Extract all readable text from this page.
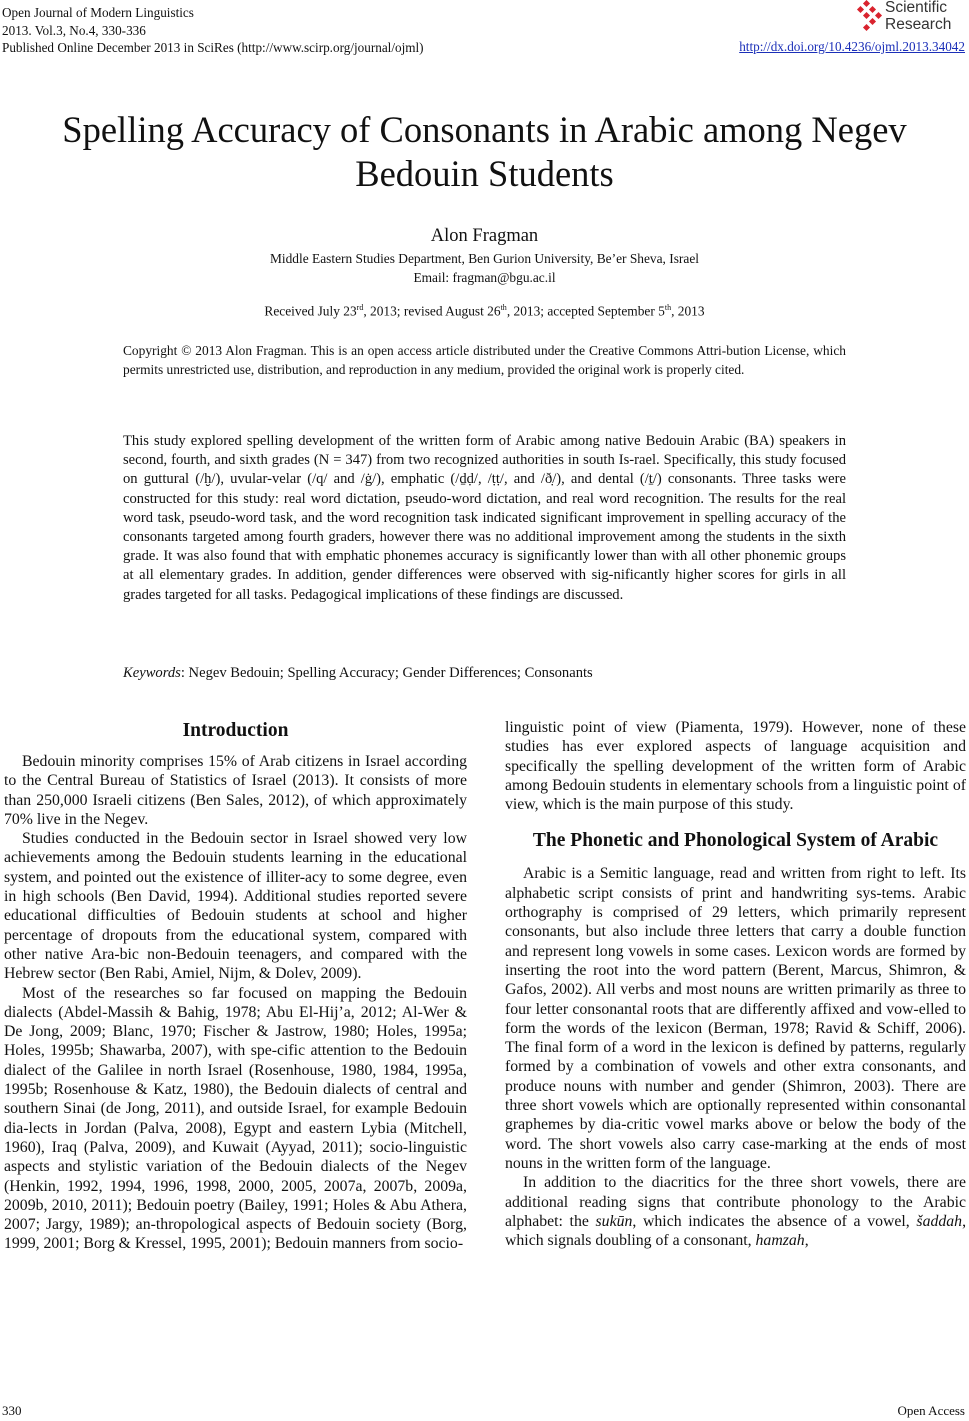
Open Journal of Modern Linguistics
2013. Vol.3, No.4, 330-336
Published Online December 2013 in SciRes (http://www.scirp.org/journal/ojml)
Scientific
Research
http://dx.doi.org/10.4236/ojml.2013.34042
Spelling Accuracy of Consonants in Arabic among Negev Bedouin Students
Alon Fragman
Middle Eastern Studies Department, Ben Gurion University, Be’er Sheva, Israel
Email: fragman@bgu.ac.il
Received July 23rd, 2013; revised August 26th, 2013; accepted September 5th, 2013
Copyright © 2013 Alon Fragman. This is an open access article distributed under the Creative Commons Attri-bution License, which permits unrestricted use, distribution, and reproduction in any medium, provided the original work is properly cited.
This study explored spelling development of the written form of Arabic among native Bedouin Arabic (BA) speakers in second, fourth, and sixth grades (N = 347) from two recognized authorities in south Is-rael. Specifically, this study focused on guttural (/ḫ/), uvular-velar (/q/ and /ġ/), emphatic (/ḏḍ/, /ṭṭ/, and /ð̣/), and dental (/ṯ/) consonants. Three tasks were constructed for this study: real word dictation, pseudo-word dictation, and real word recognition. The results for the real word task, pseudo-word task, and the word recognition task indicated significant improvement in spelling accuracy of the consonants targeted among fourth graders, however there was no additional improvement among the students in the sixth grade. It was also found that with emphatic phonemes accuracy is significantly lower than with all other phonemic groups at all elementary grades. In addition, gender differences were observed with sig-nificantly higher scores for girls in all grades targeted for all tasks. Pedagogical implications of these findings are discussed.
Keywords: Negev Bedouin; Spelling Accuracy; Gender Differences; Consonants
Introduction

Bedouin minority comprises 15% of Arab citizens in Israel according to the Central Bureau of Statistics of Israel (2013). It consists of more than 250,000 Israeli citizens (Ben Sales, 2012), of which approximately 70% live in the Negev.

Studies conducted in the Bedouin sector in Israel showed very low achievements among the Bedouin students learning in the educational system, and pointed out the existence of illiter-acy to some degree, even in high schools (Ben David, 1994). Additional studies reported severe educational difficulties of Bedouin students at school and higher percentage of dropouts from the educational system, compared with other native Ara-bic non-Bedouin teenagers, and compared with the Hebrew sector (Ben Rabi, Amiel, Nijm, & Dolev, 2009).

Most of the researches so far focused on mapping the Bedouin dialects (Abdel-Massih & Bahig, 1978; Abu El-Hij’a, 2012; Al-Wer & De Jong, 2009; Blanc, 1970; Fischer & Jastrow, 1980; Holes, 1995a; Holes, 1995b; Shawarba, 2007), with spe-cific attention to the Bedouin dialect of the Galilee in north Israel (Rosenhouse, 1980, 1984, 1995a, 1995b; Rosenhouse & Katz, 1980), the Bedouin dialects of central and southern Sinai (de Jong, 2011), and outside Israel, for example Bedouin dia-lects in Jordan (Palva, 2008), Egypt and eastern Lybia (Mitchell, 1960), Iraq (Palva, 2009), and Kuwait (Ayyad, 2011); socio-linguistic aspects and stylistic variation of the Bedouin dialects of the Negev (Henkin, 1992, 1994, 1996, 1998, 2000, 2005, 2007a, 2007b, 2009a, 2009b, 2010, 2011); Bedouin poetry (Bailey, 1991; Holes & Abu Athera, 2007; Jargy, 1989); an-thropological aspects of Bedouin society (Borg, 1999, 2001; Borg & Kressel, 1995, 2001); Bedouin manners from socio-

linguistic point of view (Piamenta, 1979). However, none of these studies has ever explored aspects of language acquisition and specifically the spelling development of the written form of Arabic among Bedouin students in elementary schools from a linguistic point of view, which is the main purpose of this study.

The Phonetic and Phonological System of Arabic

Arabic is a Semitic language, read and written from right to left. Its alphabetic script consists of print and handwriting sys-tems. Arabic orthography is comprised of 29 letters, which primarily represent consonants, but also include three letters that carry a double function and represent long vowels in some cases. Lexicon words are formed by inserting the root into the word pattern (Berent, Marcus, Shimron, & Gafos, 2002). All verbs and most nouns are written primarily as three to four letter consonantal roots that are differently affixed and vow-elled to form the words of the lexicon (Berman, 1978; Ravid & Schiff, 2006). The final form of a word in the lexicon is defined by patterns, regularly formed by a combination of vowels and other extra consonants, and produce nouns with number and gender (Shimron, 2003). There are three short vowels which are optionally represented within consonantal graphemes by dia-critic vowel marks above or below the body of the word. The short vowels also carry case-marking at the ends of most nouns in the written form of the language.

In addition to the diacritics for the three short vowels, there are additional reading signs that contribute phonology to the Arabic alphabet: the sukūn, which indicates the absence of a vowel, šaddah, which signals doubling of a consonant, hamzah,

330	Open Access
